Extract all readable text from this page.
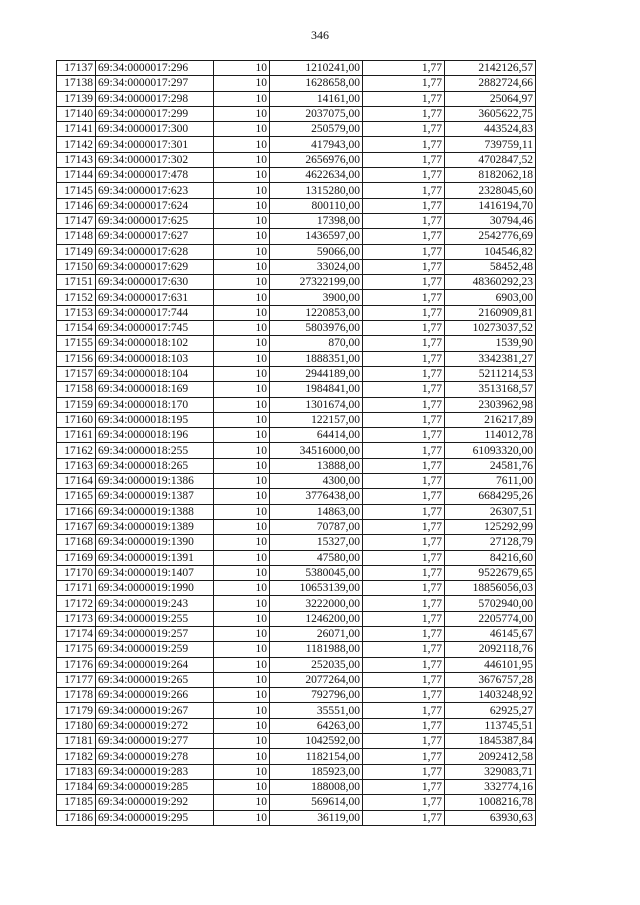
346
17137	69:34:0000017:296	10	1210241,00	1,77	2142126,57
17138	69:34:0000017:297	10	1628658,00	1,77	2882724,66
17139	69:34:0000017:298	10	14161,00	1,77	25064,97
17140	69:34:0000017:299	10	2037075,00	1,77	3605622,75
17141	69:34:0000017:300	10	250579,00	1,77	443524,83
17142	69:34:0000017:301	10	417943,00	1,77	739759,11
17143	69:34:0000017:302	10	2656976,00	1,77	4702847,52
17144	69:34:0000017:478	10	4622634,00	1,77	8182062,18
17145	69:34:0000017:623	10	1315280,00	1,77	2328045,60
17146	69:34:0000017:624	10	800110,00	1,77	1416194,70
17147	69:34:0000017:625	10	17398,00	1,77	30794,46
17148	69:34:0000017:627	10	1436597,00	1,77	2542776,69
17149	69:34:0000017:628	10	59066,00	1,77	104546,82
17150	69:34:0000017:629	10	33024,00	1,77	58452,48
17151	69:34:0000017:630	10	27322199,00	1,77	48360292,23
17152	69:34:0000017:631	10	3900,00	1,77	6903,00
17153	69:34:0000017:744	10	1220853,00	1,77	2160909,81
17154	69:34:0000017:745	10	5803976,00	1,77	10273037,52
17155	69:34:0000018:102	10	870,00	1,77	1539,90
17156	69:34:0000018:103	10	1888351,00	1,77	3342381,27
17157	69:34:0000018:104	10	2944189,00	1,77	5211214,53
17158	69:34:0000018:169	10	1984841,00	1,77	3513168,57
17159	69:34:0000018:170	10	1301674,00	1,77	2303962,98
17160	69:34:0000018:195	10	122157,00	1,77	216217,89
17161	69:34:0000018:196	10	64414,00	1,77	114012,78
17162	69:34:0000018:255	10	34516000,00	1,77	61093320,00
17163	69:34:0000018:265	10	13888,00	1,77	24581,76
17164	69:34:0000019:1386	10	4300,00	1,77	7611,00
17165	69:34:0000019:1387	10	3776438,00	1,77	6684295,26
17166	69:34:0000019:1388	10	14863,00	1,77	26307,51
17167	69:34:0000019:1389	10	70787,00	1,77	125292,99
17168	69:34:0000019:1390	10	15327,00	1,77	27128,79
17169	69:34:0000019:1391	10	47580,00	1,77	84216,60
17170	69:34:0000019:1407	10	5380045,00	1,77	9522679,65
17171	69:34:0000019:1990	10	10653139,00	1,77	18856056,03
17172	69:34:0000019:243	10	3222000,00	1,77	5702940,00
17173	69:34:0000019:255	10	1246200,00	1,77	2205774,00
17174	69:34:0000019:257	10	26071,00	1,77	46145,67
17175	69:34:0000019:259	10	1181988,00	1,77	2092118,76
17176	69:34:0000019:264	10	252035,00	1,77	446101,95
17177	69:34:0000019:265	10	2077264,00	1,77	3676757,28
17178	69:34:0000019:266	10	792796,00	1,77	1403248,92
17179	69:34:0000019:267	10	35551,00	1,77	62925,27
17180	69:34:0000019:272	10	64263,00	1,77	113745,51
17181	69:34:0000019:277	10	1042592,00	1,77	1845387,84
17182	69:34:0000019:278	10	1182154,00	1,77	2092412,58
17183	69:34:0000019:283	10	185923,00	1,77	329083,71
17184	69:34:0000019:285	10	188008,00	1,77	332774,16
17185	69:34:0000019:292	10	569614,00	1,77	1008216,78
17186	69:34:0000019:295	10	36119,00	1,77	63930,63
